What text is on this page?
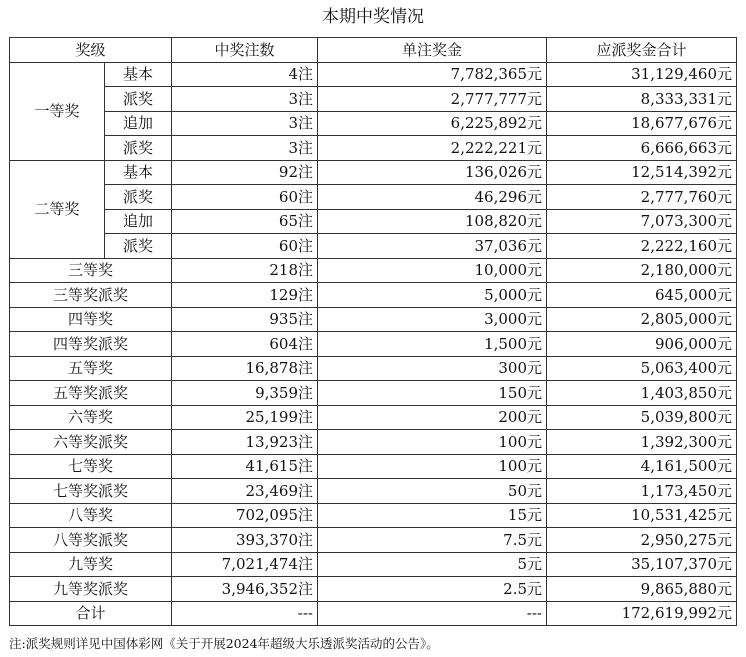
本期中奖情况
奖级		中奖注数	单注奖金	应派奖金合计
一等奖	基本	4注	7,782,365元	31,129,460元
	派奖	3注	2,777,777元	8,333,331元
	追加	3注	6,225,892元	18,677,676元
	派奖	3注	2,222,221元	6,666,663元
二等奖	基本	92注	136,026元	12,514,392元
	派奖	60注	46,296元	2,777,760元
	追加	65注	108,820元	7,073,300元
	派奖	60注	37,036元	2,222,160元
三等奖		218注	10,000元	2,180,000元
三等奖派奖		129注	5,000元	645,000元
四等奖		935注	3,000元	2,805,000元
四等奖派奖		604注	1,500元	906,000元
五等奖		16,878注	300元	5,063,400元
五等奖派奖		9,359注	150元	1,403,850元
六等奖		25,199注	200元	5,039,800元
六等奖派奖		13,923注	100元	1,392,300元
七等奖		41,615注	100元	4,161,500元
七等奖派奖		23,469注	50元	1,173,450元
八等奖		702,095注	15元	10,531,425元
八等奖派奖		393,370注	7.5元	2,950,275元
九等奖		7,021,474注	5元	35,107,370元
九等奖派奖		3,946,352注	2.5元	9,865,880元
合计		---	---	172,619,992元
注:派奖规则详见中国体彩网《关于开展2024年超级大乐透派奖活动的公告》。
